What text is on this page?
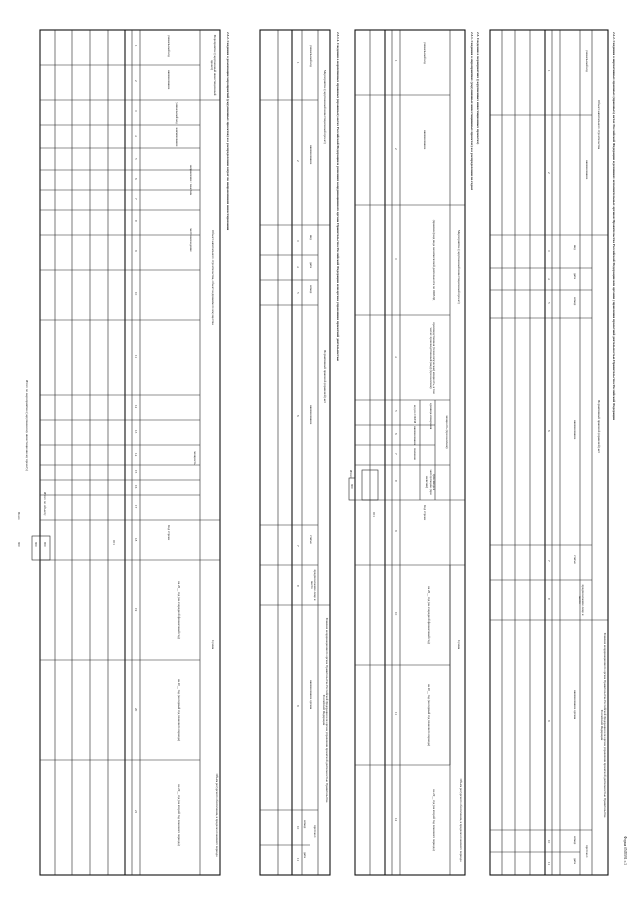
Форма 0505591 с.3
2.2.2. Сведения о нормативных правовых (правовых) актах Российской Федерации и решениях исполнительных органов Правительства Российской Федерации или органов управления проектной деятельностью Правительства Российской Федерации
Объект капитального строительства
уникальный код
наименование
Нормативный правовой (правовой) акт
вид
дата
номер
наименование
статья
предполагаемое лицо и место
Решение координационного органа Правительства Российской Федерации или органа управления проектной деятельностью Правительства Российской Федерации
наименование органа
протокол
номер
дата
1
2
3
4
5
6
7
8
9
10
11
2.3. Сведения о мероприятиях (укрупненных инвестиционных проектах)
2.3.1. Сведения о мероприятиях (укрупненных инвестиционных проектах) и о распределении по годам
Мероприятие (укрупненный инвестиционный проект)
уникальный код
наименование
(правовое) вид вида экономической деятельности по ОКВЭД
производственная (технологическая) мощность, в том числе: производственный (вид) (при наличии)
мощность (при наличии)
единица измерения
код по ОКЕИ
наименование
значение
срок ввода в эксплуатацию (при наличии)
Код строки
Сумма
на 20__ год (на очередной финансовый год)
на 20__ год (на первый год планового периода)
на 20__ год (на второй год планового периода)	Объем ресурсного обеспечения, в пределах планового периода
1
2
3
4
5
6
7
8
9
10
11
12
001
Итого
900
2.3.1.1. Сведения о нормативных правовых (правовых) актах Российской Федерации и решениях координационного органа Правительства Российской Федерации или органа управления проектной деятельностью
Мероприятие (укрупненный инвестиционный проект)
Нормативный правовой (правовой) акт
уникальный код
наименование
вид
дата
номер
наименование
статья
предполагаемое лицо и место
Решение координационного органа Правительства Российской Федерации или органа управления проектной деятельностью Правительства Российской Федерации
наименование органа
протокол
номер
дата
1
2
3
4
5
6
7
8
9
10
11
2.3.2. Сведения о реализации мероприятий (укрупненных проектов) и о распределении затрат по направлениям инвестирования
Мероприятие (укрупненный инвестиционный проект)
Объект капитального строительства, объект недвижимого имущества
уникальный код
наименование
уникальный код
наименование
направление / заказчик
местонахождение
мощность
Код строки
Сумма
на 20__ год (на очередной финансовый год)
на 20__ год (на первый год планового периода)
на 20__ год (на второй год планового периода)	Объем ресурсного обеспечения, в пределах планового периода
1
2
3
4
5
6
7
8
9
10
11
12
13
14
15
16
17
18
19
20
21
001
Итого по объекту
800
Итого по мероприятию (укрупненному инвестиционному проекту)
900
Всего
900
